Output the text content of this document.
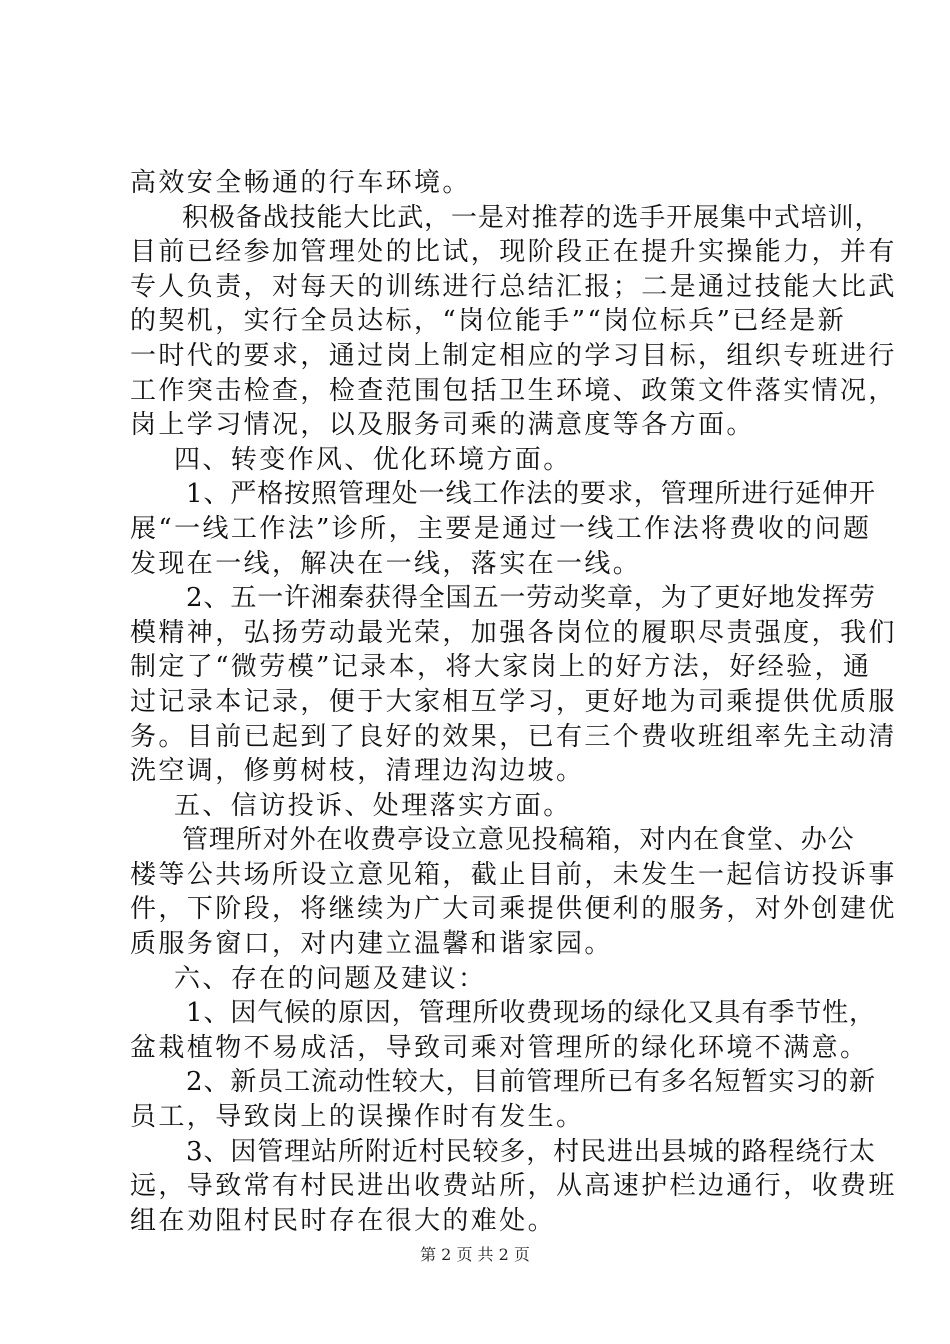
高效安全畅通的行车环境。
积极备战技能大比武，一是对推荐的选手开展集中式培训，
目前已经参加管理处的比试，现阶段正在提升实操能力，并有
专人负责，对每天的训练进行总结汇报；二是通过技能大比武
的契机，实行全员达标，“岗位能手”“岗位标兵”已经是新
一时代的要求，通过岗上制定相应的学习目标，组织专班进行
工作突击检查，检查范围包括卫生环境、政策文件落实情况，
岗上学习情况，以及服务司乘的满意度等各方面。
四、转变作风、优化环境方面。
1、严格按照管理处一线工作法的要求，管理所进行延伸开
展“一线工作法”诊所，主要是通过一线工作法将费收的问题
发现在一线，解决在一线，落实在一线。
2、五一许湘秦获得全国五一劳动奖章，为了更好地发挥劳
模精神，弘扬劳动最光荣，加强各岗位的履职尽责强度，我们
制定了“微劳模”记录本，将大家岗上的好方法，好经验，通
过记录本记录，便于大家相互学习，更好地为司乘提供优质服
务。目前已起到了良好的效果，已有三个费收班组率先主动清
洗空调，修剪树枝，清理边沟边坡。
五、信访投诉、处理落实方面。
管理所对外在收费亭设立意见投稿箱，对内在食堂、办公
楼等公共场所设立意见箱，截止目前，未发生一起信访投诉事
件，下阶段，将继续为广大司乘提供便利的服务，对外创建优
质服务窗口，对内建立温馨和谐家园。
六、存在的问题及建议：
1、因气候的原因，管理所收费现场的绿化又具有季节性，
盆栽植物不易成活，导致司乘对管理所的绿化环境不满意。
2、新员工流动性较大，目前管理所已有多名短暂实习的新
员工，导致岗上的误操作时有发生。
3、因管理站所附近村民较多，村民进出县城的路程绕行太
远，导致常有村民进出收费站所，从高速护栏边通行，收费班
组在劝阻村民时存在很大的难处。
第 2 页 共 2 页
